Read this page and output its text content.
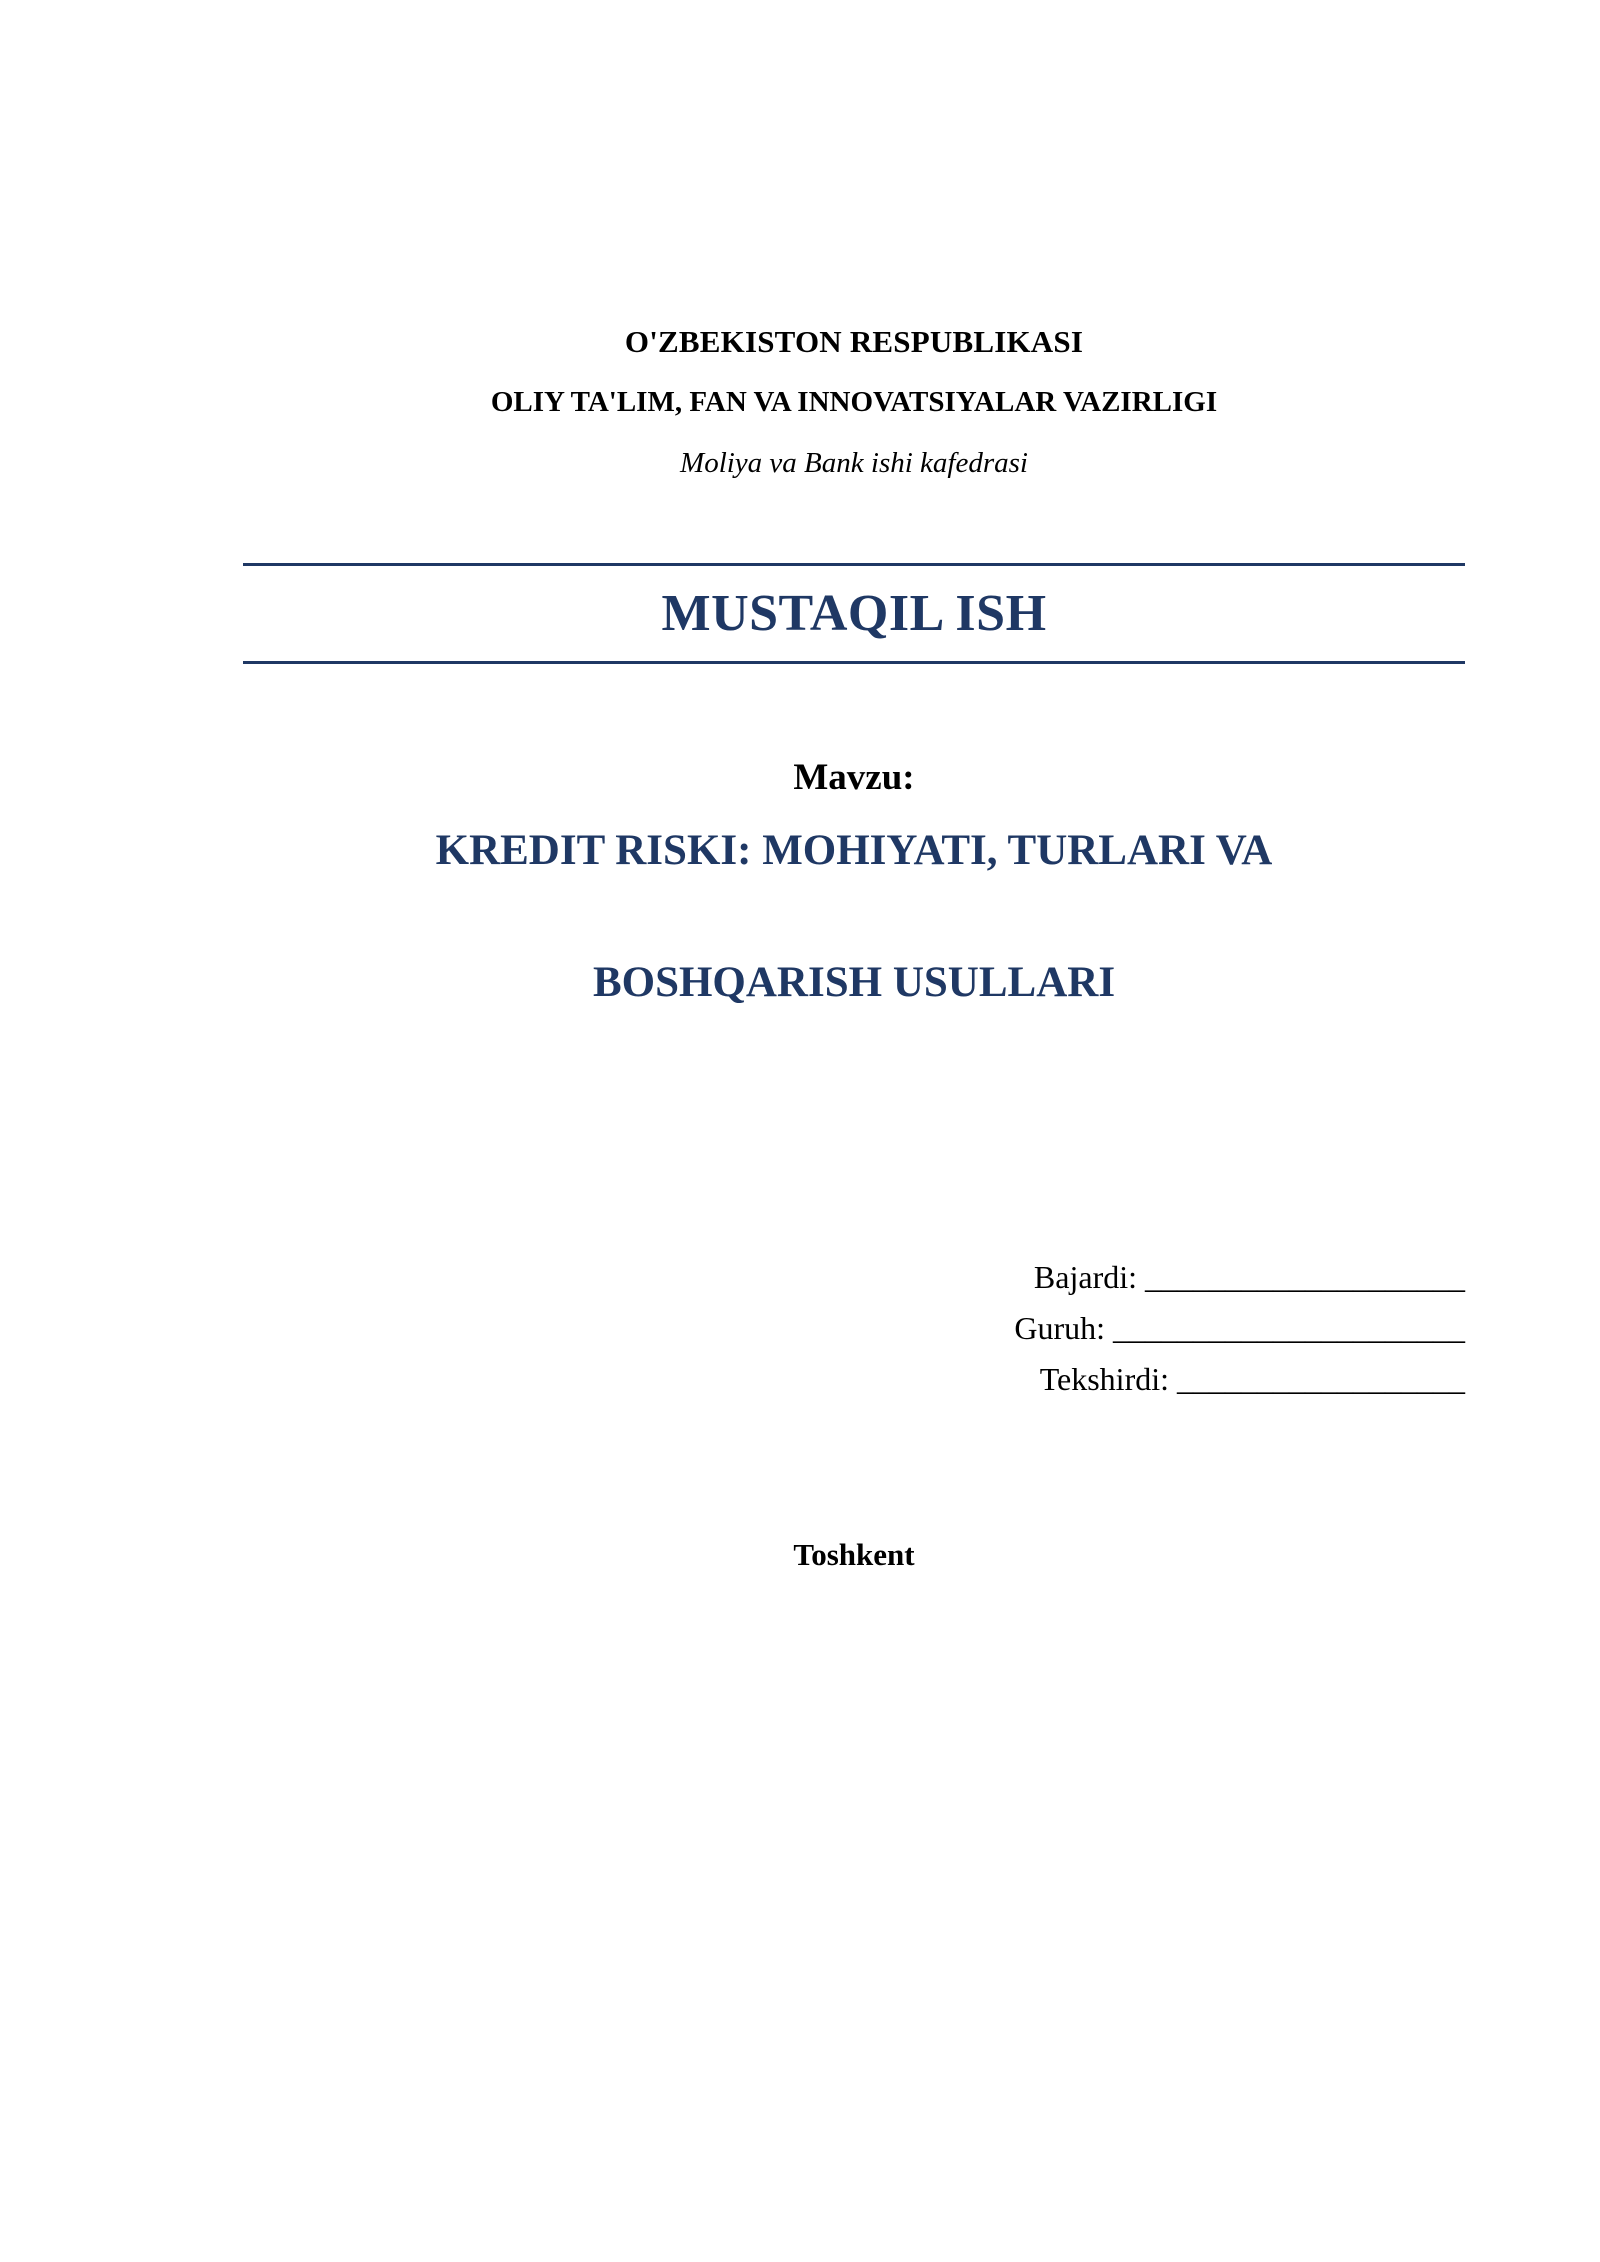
O'ZBEKISTON RESPUBLIKASI
OLIY TA'LIM, FAN VA INNOVATSIYALAR VAZIRLIGI
Moliya va Bank ishi kafedrasi
MUSTAQIL ISH
Mavzu:
KREDIT RISKI: MOHIYATI, TURLARI VA
BOSHQARISH USULLARI
Bajardi: ____________________
Guruh: ______________________
Tekshirdi: __________________
Toshkent
